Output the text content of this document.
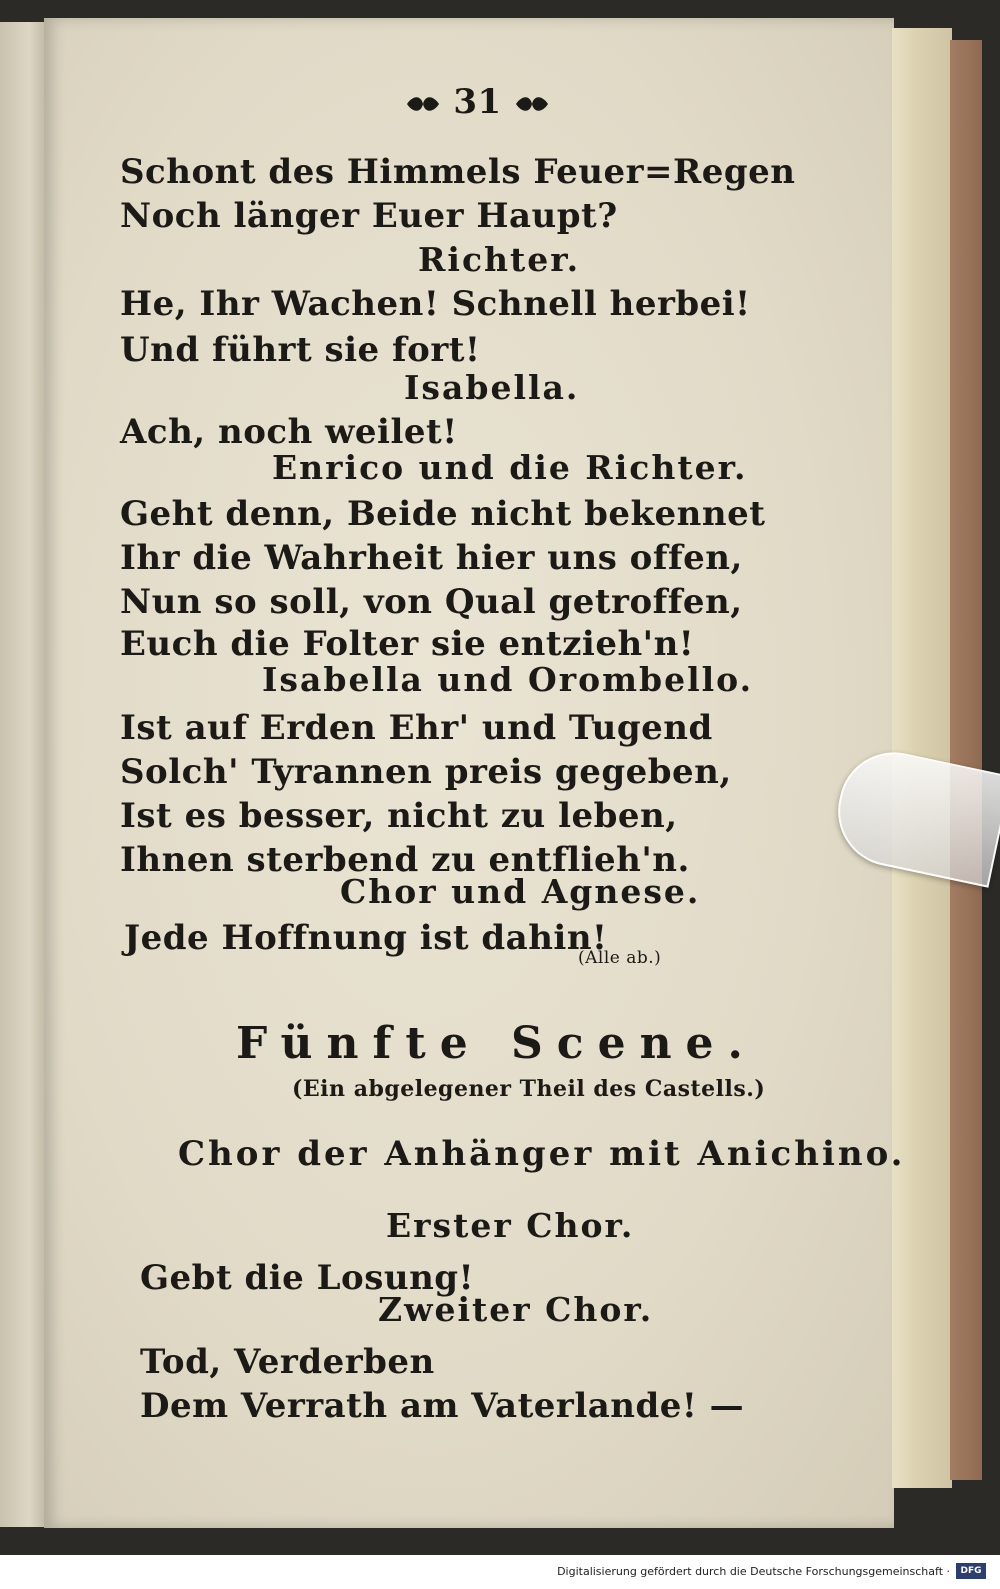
31

Schont des Himmels Feuer=Regen

Noch länger Euer Haupt?

Richter.

He, Ihr Wachen! Schnell herbei!

Und führt sie fort!

Isabella.

Ach, noch weilet!

Enrico und die Richter.

Geht denn, Beide nicht bekennet

Ihr die Wahrheit hier uns offen,

Nun so soll, von Qual getroffen,

Euch die Folter sie entzieh'n!

Isabella und Orombello.

Ist auf Erden Ehr' und Tugend

Solch' Tyrannen preis gegeben,

Ist es besser, nicht zu leben,

Ihnen sterbend zu entflieh'n.

Chor und Agnese.

Jede Hoffnung ist dahin!

(Alle ab.)

Fünfte Scene.

(Ein abgelegener Theil des Castells.)

Chor der Anhänger mit Anichino.

Erster Chor.

Gebt die Losung!

Zweiter Chor.

Tod, Verderben

Dem Verrath am Vaterlande! —

Digitalisierung gefördert durch die Deutsche Forschungsgemeinschaft ·	DFG
